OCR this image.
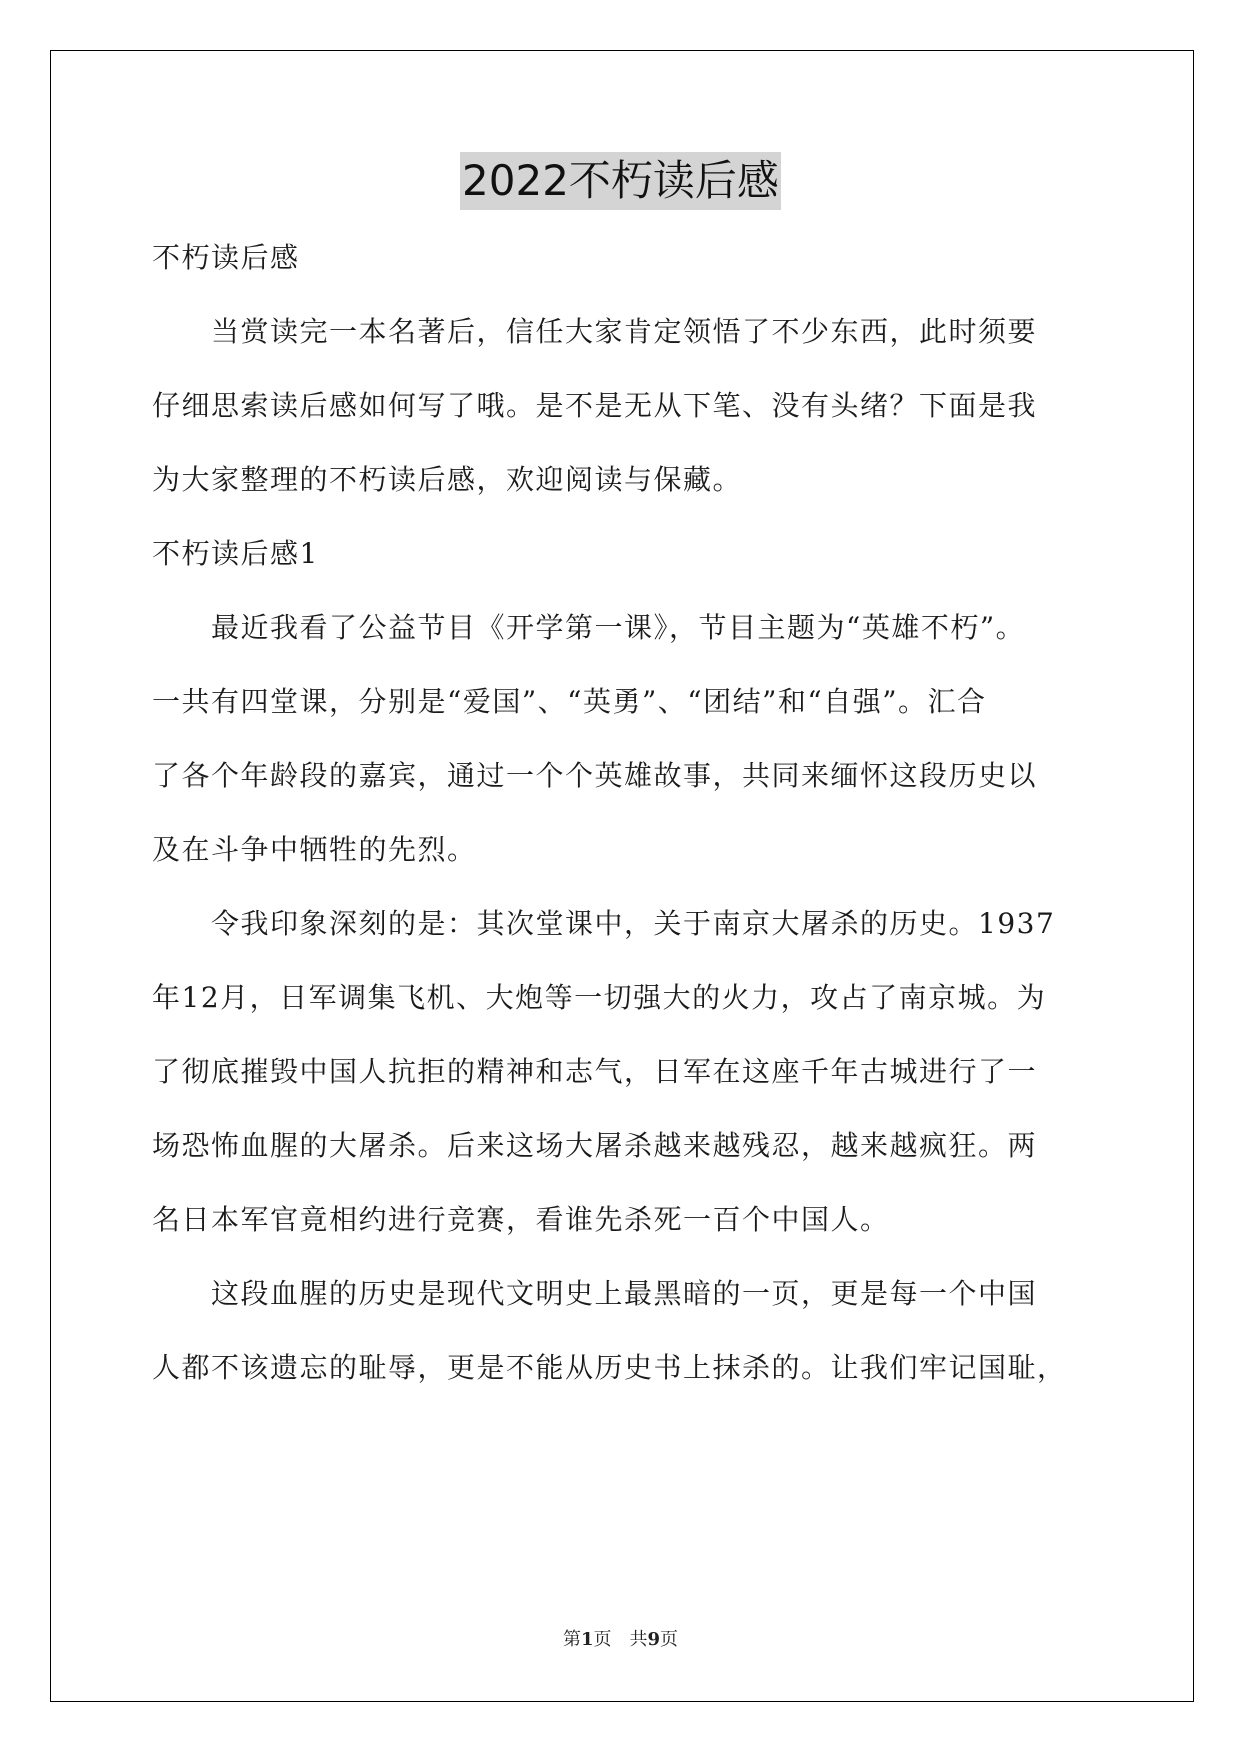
2022不朽读后感
不朽读后感
　　当赏读完一本名著后，信任大家肯定领悟了不少东西，此时须要
仔细思索读后感如何写了哦。是不是无从下笔、没有头绪？下面是我
为大家整理的不朽读后感，欢迎阅读与保藏。
不朽读后感1
　　最近我看了公益节目《开学第一课》，节目主题为“英雄不朽”。
一共有四堂课，分别是“爱国”、“英勇”、“团结”和“自强”。汇合
了各个年龄段的嘉宾，通过一个个英雄故事，共同来缅怀这段历史以
及在斗争中牺牲的先烈。
　　令我印象深刻的是：其次堂课中，关于南京大屠杀的历史。1937
年12月，日军调集飞机、大炮等一切强大的火力，攻占了南京城。为
了彻底摧毁中国人抗拒的精神和志气，日军在这座千年古城进行了一
场恐怖血腥的大屠杀。后来这场大屠杀越来越残忍，越来越疯狂。两
名日本军官竟相约进行竞赛，看谁先杀死一百个中国人。
　　这段血腥的历史是现代文明史上最黑暗的一页，更是每一个中国
人都不该遗忘的耻辱，更是不能从历史书上抹杀的。让我们牢记国耻，
第1页　共9页
